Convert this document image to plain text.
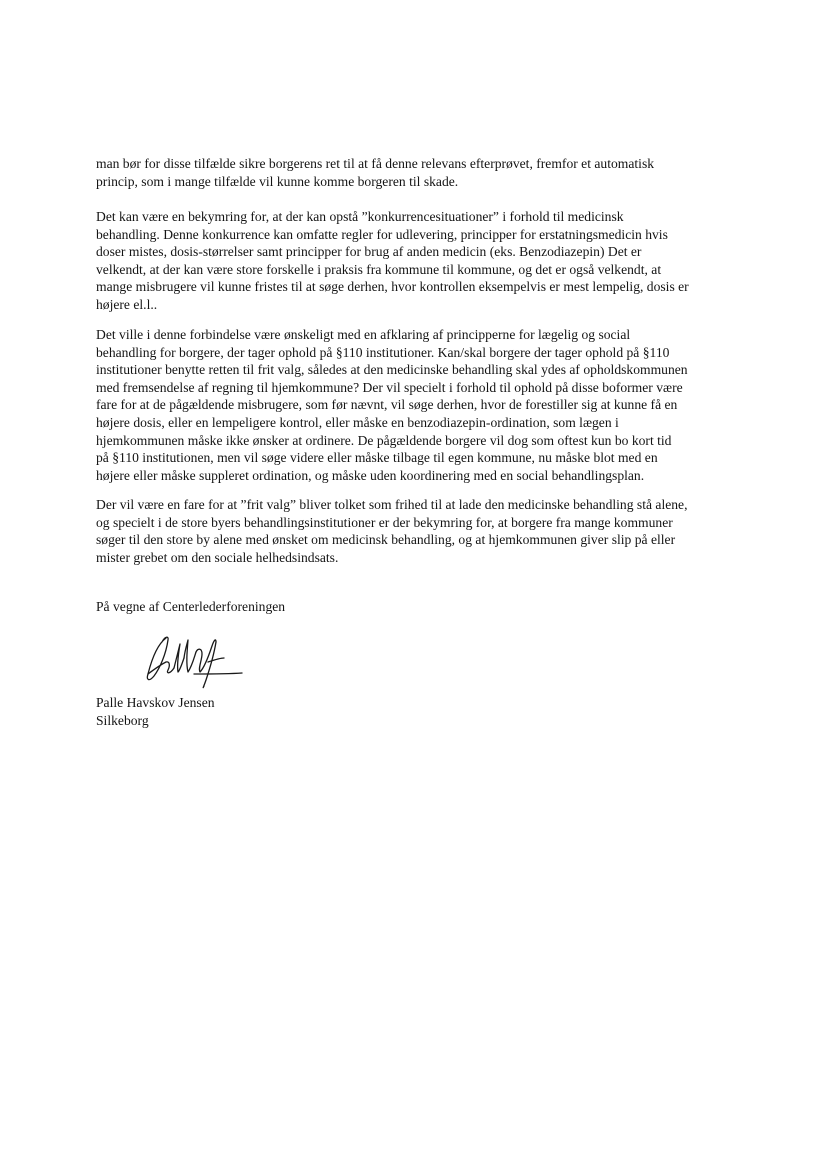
man bør for disse tilfælde sikre borgerens ret til at få denne relevans efterprøvet, fremfor et automatisk
princip, som i mange tilfælde vil kunne komme borgeren til skade.
Det kan være en bekymring for, at der kan opstå ”konkurrencesituationer” i forhold til medicinsk
behandling. Denne konkurrence kan omfatte regler for udlevering, principper for erstatningsmedicin hvis
doser mistes, dosis-størrelser samt principper for brug af anden medicin (eks. Benzodiazepin) Det er
velkendt, at der kan være store forskelle i praksis fra kommune til kommune, og det er også velkendt, at
mange misbrugere vil kunne fristes til at søge derhen, hvor kontrollen eksempelvis er mest lempelig, dosis er
højere el.l..
Det ville i denne forbindelse være ønskeligt med en afklaring af principperne for lægelig og social
behandling for borgere, der tager ophold på §110 institutioner. Kan/skal borgere der tager ophold på §110
institutioner benytte retten til frit valg, således at den medicinske behandling skal ydes af opholdskommunen
med fremsendelse af regning til hjemkommune? Der vil specielt i forhold til ophold på disse boformer være
fare for at de pågældende misbrugere, som før nævnt, vil søge derhen, hvor de forestiller sig at kunne få en
højere dosis, eller en lempeligere kontrol, eller måske en benzodiazepin-ordination, som lægen i
hjemkommunen måske ikke ønsker at ordinere. De pågældende borgere vil dog som oftest kun bo kort tid
på §110 institutionen, men vil søge videre eller måske tilbage til egen kommune, nu måske blot med en
højere eller måske suppleret ordination, og måske uden koordinering med en social behandlingsplan.
Der vil være en fare for at ”frit valg” bliver tolket som frihed til at lade den medicinske behandling stå alene,
og specielt i de store byers behandlingsinstitutioner er der bekymring for, at borgere fra mange kommuner
søger til den store by alene med ønsket om medicinsk behandling, og at hjemkommunen giver slip på eller
mister grebet om den sociale helhedsindsats.
På vegne af Centerlederforeningen
Palle Havskov Jensen
Silkeborg
